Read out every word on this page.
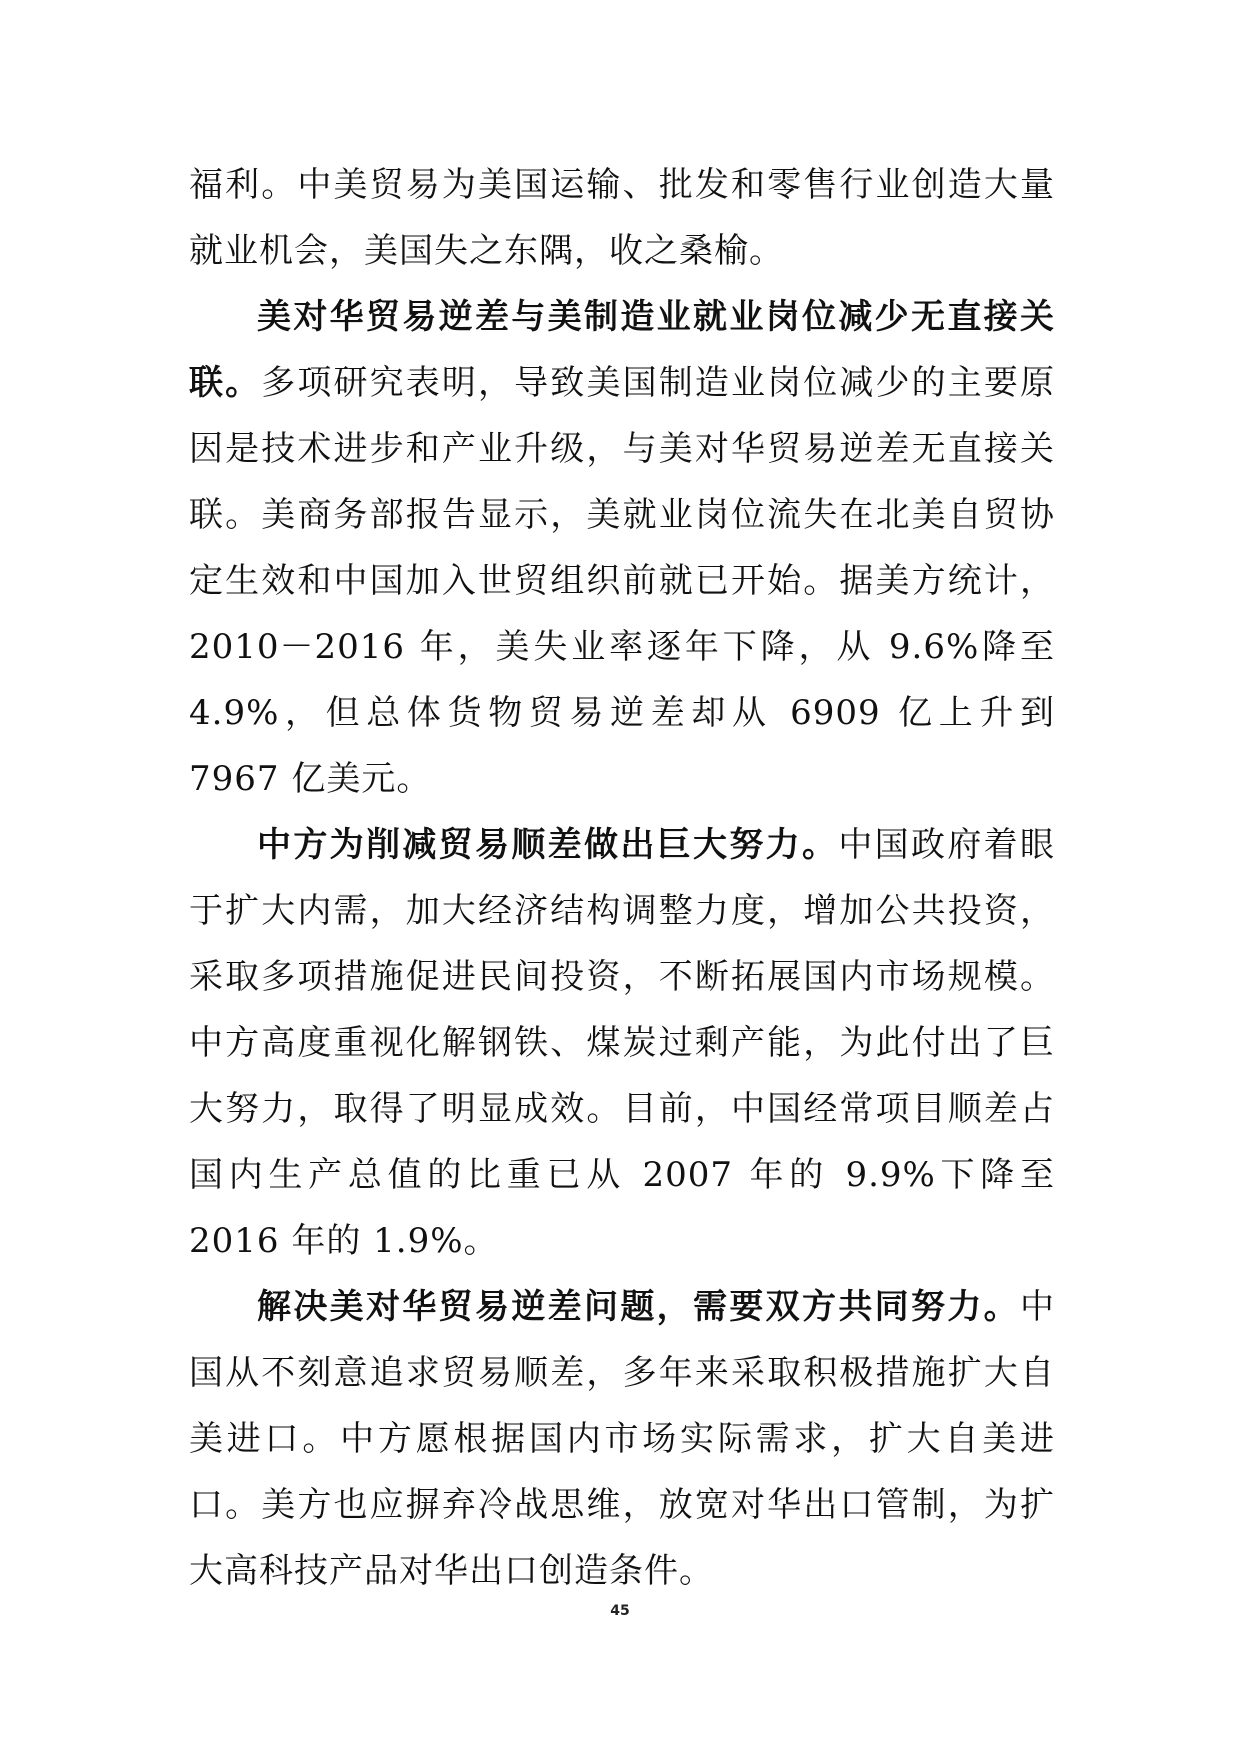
福利。中美贸易为美国运输、批发和零售行业创造大量就业机会，美国失之东隅，收之桑榆。

美对华贸易逆差与美制造业就业岗位减少无直接关联。多项研究表明，导致美国制造业岗位减少的主要原因是技术进步和产业升级，与美对华贸易逆差无直接关联。美商务部报告显示，美就业岗位流失在北美自贸协定生效和中国加入世贸组织前就已开始。据美方统计，2010－2016 年，美失业率逐年下降，从 9.6%降至 4.9%，但总体货物贸易逆差却从 6909 亿上升到 7967 亿美元。

中方为削减贸易顺差做出巨大努力。中国政府着眼于扩大内需，加大经济结构调整力度，增加公共投资，采取多项措施促进民间投资，不断拓展国内市场规模。中方高度重视化解钢铁、煤炭过剩产能，为此付出了巨大努力，取得了明显成效。目前，中国经常项目顺差占国内生产总值的比重已从 2007 年的 9.9%下降至 2016 年的 1.9%。

解决美对华贸易逆差问题，需要双方共同努力。中国从不刻意追求贸易顺差，多年来采取积极措施扩大自美进口。中方愿根据国内市场实际需求，扩大自美进口。美方也应摒弃冷战思维，放宽对华出口管制，为扩大高科技产品对华出口创造条件。

45
